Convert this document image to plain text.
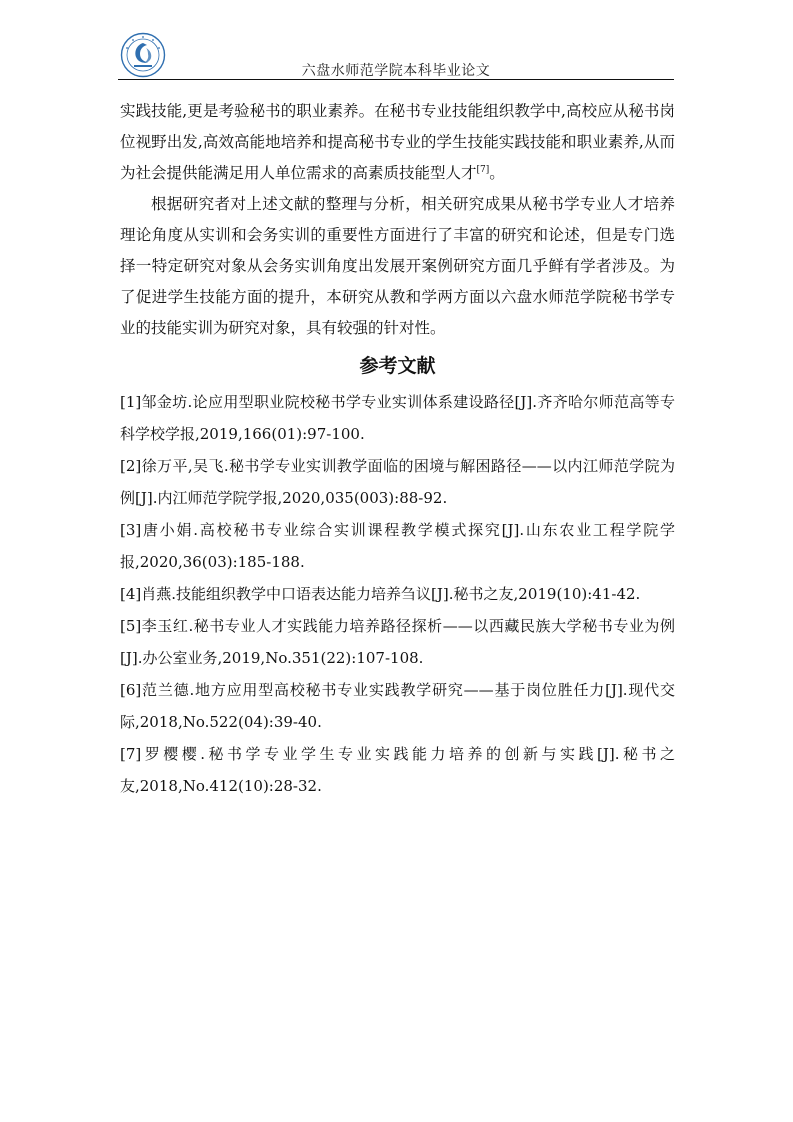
六盘水师范学院本科毕业论文

实践技能,更是考验秘书的职业素养。在秘书专业技能组织教学中,高校应从秘书岗位视野出发,高效高能地培养和提高秘书专业的学生技能实践技能和职业素养,从而为社会提供能满足用人单位需求的高素质技能型人才[7]。

根据研究者对上述文献的整理与分析，相关研究成果从秘书学专业人才培养理论角度从实训和会务实训的重要性方面进行了丰富的研究和论述，但是专门选择一特定研究对象从会务实训角度出发展开案例研究方面几乎鲜有学者涉及。为了促进学生技能方面的提升，本研究从教和学两方面以六盘水师范学院秘书学专业的技能实训为研究对象，具有较强的针对性。

参考文献

[1]邹金坊.论应用型职业院校秘书学专业实训体系建设路径[J].齐齐哈尔师范高等专科学校学报,2019,166(01):97-100.

[2]徐万平,吴飞.秘书学专业实训教学面临的困境与解困路径——以内江师范学院为例[J].内江师范学院学报,2020,035(003):88-92.

[3]唐小娟.高校秘书专业综合实训课程教学模式探究[J].山东农业工程学院学报,2020,36(03):185-188.

[4]肖燕.技能组织教学中口语表达能力培养刍议[J].秘书之友,2019(10):41-42.

[5]李玉红.秘书专业人才实践能力培养路径探析——以西藏民族大学秘书专业为例[J].办公室业务,2019,No.351(22):107-108.

[6]范兰德.地方应用型高校秘书专业实践教学研究——基于岗位胜任力[J].现代交际,2018,No.522(04):39-40.

[7]罗樱樱.秘书学专业学生专业实践能力培养的创新与实践[J].秘书之友,2018,No.412(10):28-32.
